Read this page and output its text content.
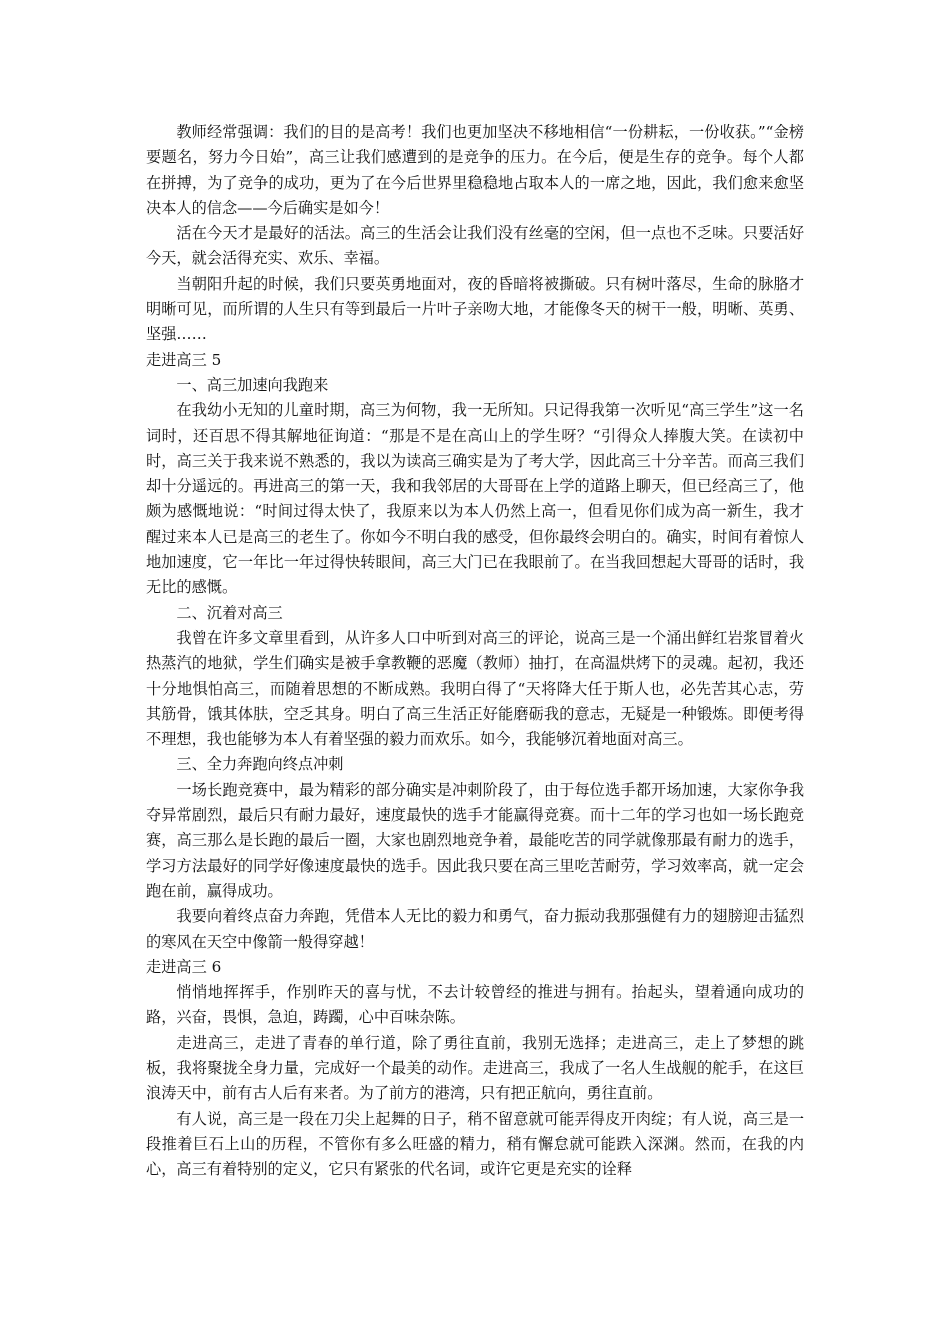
教师经常强调：我们的目的是高考！我们也更加坚决不移地相信“一份耕耘，一份收获。”“金榜要题名，努力今日始”，高三让我们感遭到的是竞争的压力。在今后，便是生存的竞争。每个人都在拼搏，为了竞争的成功，更为了在今后世界里稳稳地占取本人的一席之地，因此，我们愈来愈坚决本人的信念——今后确实是如今！

活在今天才是最好的活法。高三的生活会让我们没有丝毫的空闲，但一点也不乏味。只要活好今天，就会活得充实、欢乐、幸福。

当朝阳升起的时候，我们只要英勇地面对，夜的昏暗将被撕破。只有树叶落尽，生命的脉胳才明晰可见，而所谓的人生只有等到最后一片叶子亲吻大地，才能像冬天的树干一般，明晰、英勇、坚强……

走进高三 5

一、高三加速向我跑来

在我幼小无知的儿童时期，高三为何物，我一无所知。只记得我第一次听见“高三学生”这一名词时，还百思不得其解地征询道：“那是不是在高山上的学生呀？“引得众人捧腹大笑。在读初中时，高三关于我来说不熟悉的，我以为读高三确实是为了考大学，因此高三十分辛苦。而高三我们却十分遥远的。再进高三的第一天，我和我邻居的大哥哥在上学的道路上聊天，但已经高三了，他颇为感慨地说：“时间过得太快了，我原来以为本人仍然上高一，但看见你们成为高一新生，我才醒过来本人已是高三的老生了。你如今不明白我的感受，但你最终会明白的。确实，时间有着惊人地加速度，它一年比一年过得快转眼间，高三大门已在我眼前了。在当我回想起大哥哥的话时，我无比的感慨。

二、沉着对高三

我曾在许多文章里看到，从许多人口中听到对高三的评论，说高三是一个涌出鲜红岩浆冒着火热蒸汽的地狱，学生们确实是被手拿教鞭的恶魔（教师）抽打，在高温烘烤下的灵魂。起初，我还十分地惧怕高三，而随着思想的不断成熟。我明白得了“天将降大任于斯人也，必先苦其心志，劳其筋骨，饿其体肤，空乏其身。明白了高三生活正好能磨砺我的意志，无疑是一种锻炼。即便考得不理想，我也能够为本人有着坚强的毅力而欢乐。如今，我能够沉着地面对高三。

三、全力奔跑向终点冲刺

一场长跑竞赛中，最为精彩的部分确实是冲刺阶段了，由于每位选手都开场加速，大家你争我夺异常剧烈，最后只有耐力最好，速度最快的选手才能赢得竞赛。而十二年的学习也如一场长跑竞赛，高三那么是长跑的最后一圈，大家也剧烈地竞争着，最能吃苦的同学就像那最有耐力的选手，学习方法最好的同学好像速度最快的选手。因此我只要在高三里吃苦耐劳，学习效率高，就一定会跑在前，赢得成功。

我要向着终点奋力奔跑，凭借本人无比的毅力和勇气，奋力振动我那强健有力的翅膀迎击猛烈的寒风在天空中像箭一般得穿越！

走进高三 6

悄悄地挥挥手，作别昨天的喜与忧，不去计较曾经的推进与拥有。抬起头，望着通向成功的路，兴奋，畏惧，急迫，踌躅，心中百味杂陈。

走进高三，走进了青春的单行道，除了勇往直前，我别无选择；走进高三，走上了梦想的跳板，我将聚拢全身力量，完成好一个最美的动作。走进高三，我成了一名人生战舰的舵手，在这巨浪涛天中，前有古人后有来者。为了前方的港湾，只有把正航向，勇往直前。

有人说，高三是一段在刀尖上起舞的日子，稍不留意就可能弄得皮开肉绽；有人说，高三是一段推着巨石上山的历程，不管你有多么旺盛的精力，稍有懈怠就可能跌入深渊。然而，在我的内心，高三有着特别的定义，它只有紧张的代名词，或许它更是充实的诠释
